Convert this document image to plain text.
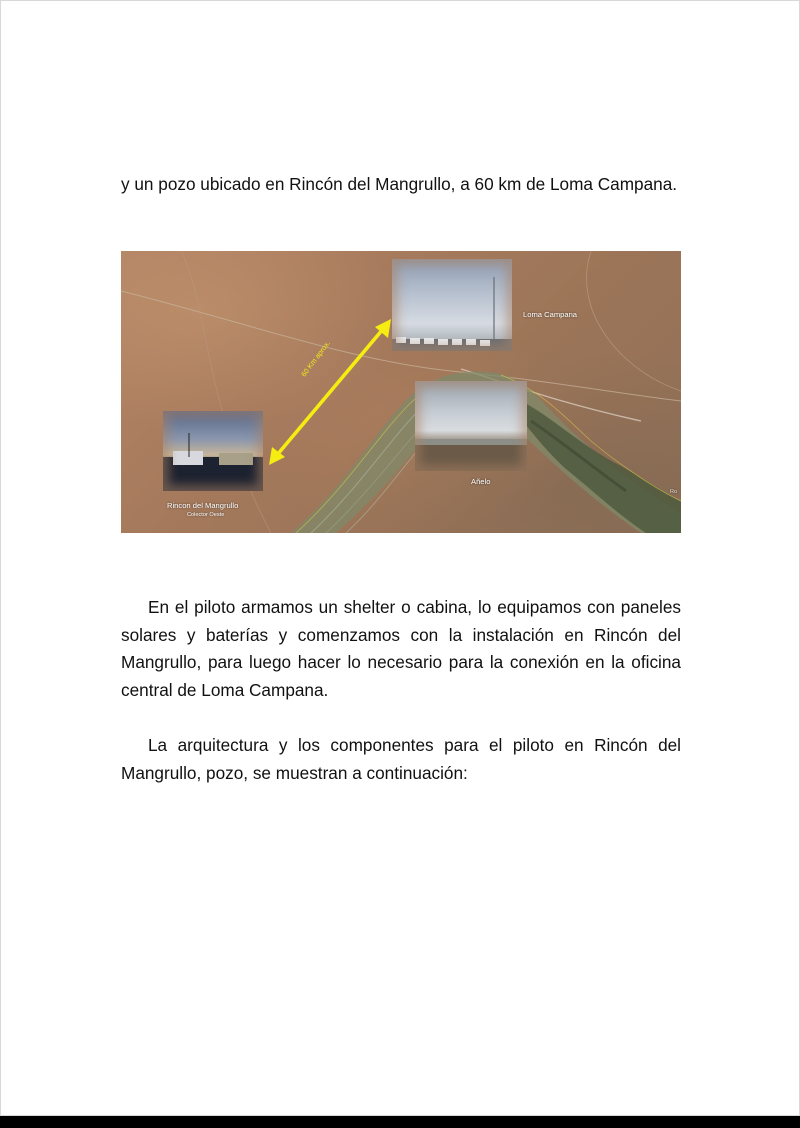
y un pozo ubicado en Rincón del Mangrullo, a 60 km de Loma Campana.

Loma Campana
Añelo
Rincon del Mangrullo
Colector Oeste
60 Km aprox.
Ro

En el piloto armamos un shelter o cabina, lo equipamos con paneles solares y baterías y comenzamos con la instalación en Rincón del Mangrullo, para luego hacer lo necesario para la conexión en la oficina central de Loma Campana.

La arquitectura y los componentes para el piloto en Rincón del Mangrullo, pozo, se muestran a continuación:
